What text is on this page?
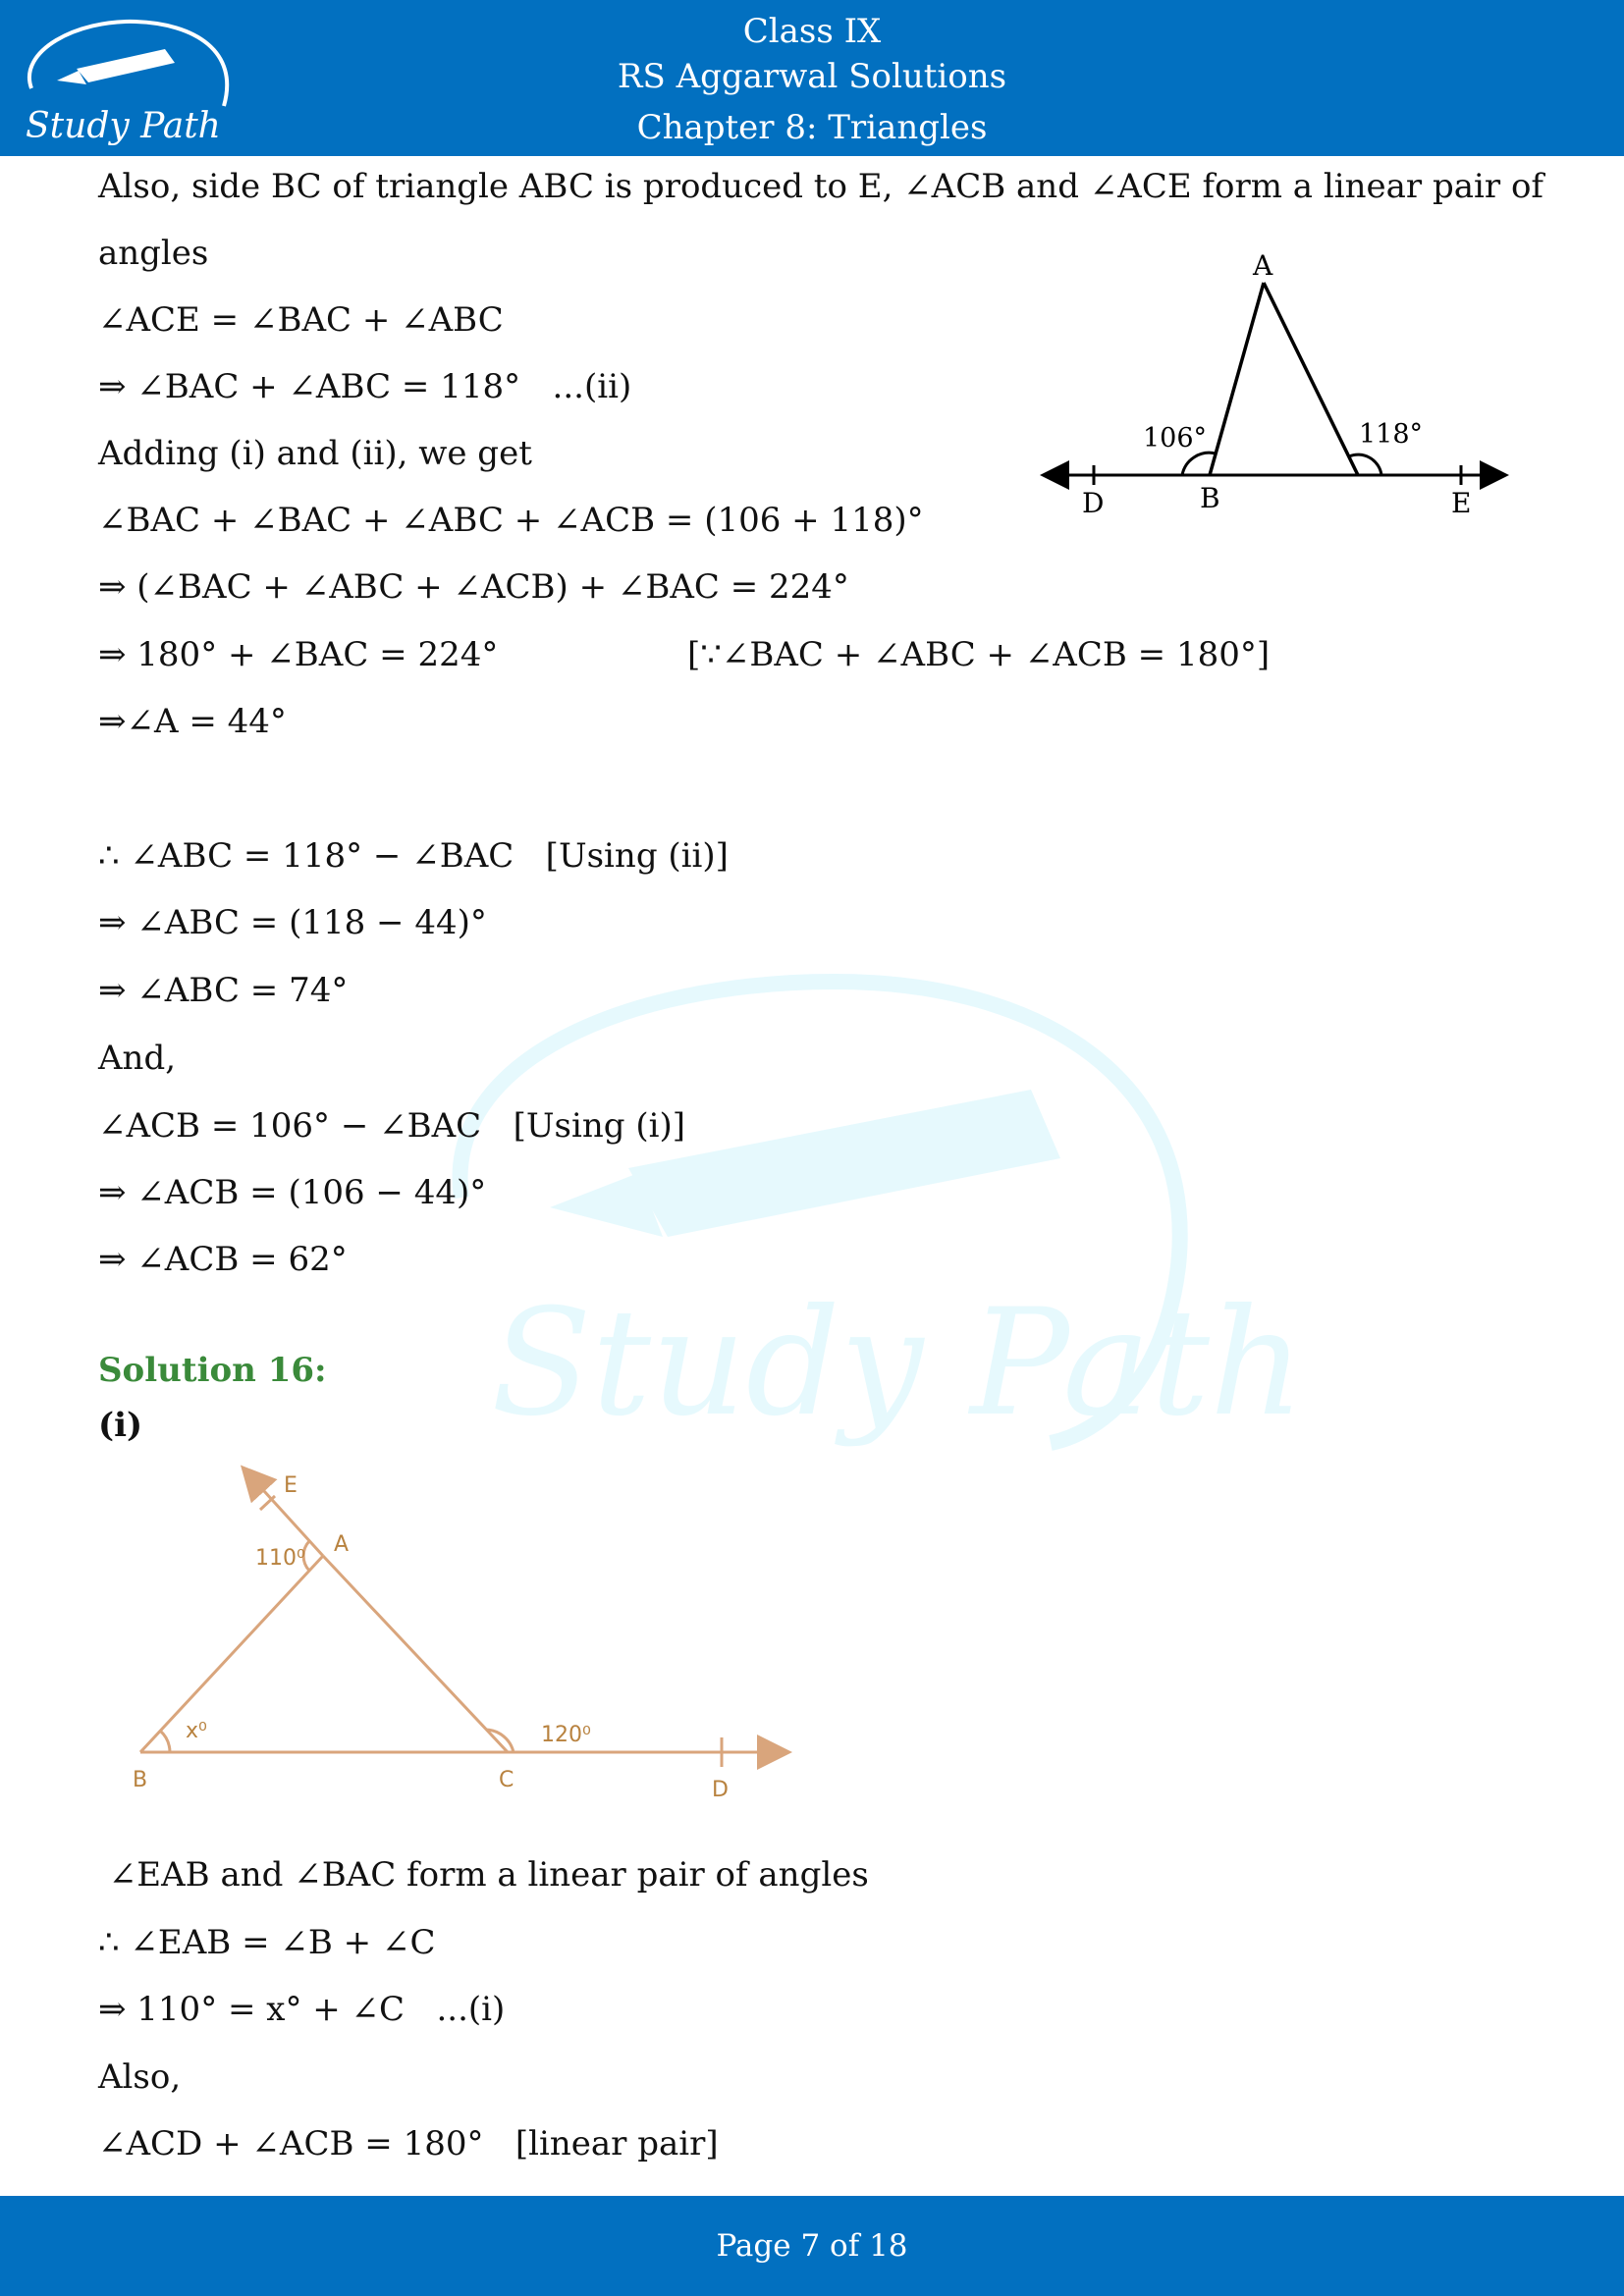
Study Path
Class IX
RS Aggarwal Solutions
Chapter 8: Triangles
Study Path
Also, side BC of triangle ABC is produced to E, ∠ACB and ∠ACE form a linear pair of
angles
∠ACE = ∠BAC + ∠ABC
⇒ ∠BAC + ∠ABC = 118°   ...(ii)
Adding (i) and (ii), we get
∠BAC + ∠BAC + ∠ABC + ∠ACB = (106 + 118)°
⇒ (∠BAC + ∠ABC + ∠ACB) + ∠BAC = 224°
⇒ 180° + ∠BAC = 224°	[∵∠BAC + ∠ABC + ∠ACB = 180°]
⇒∠A = 44°
A
B
D	E
106°	118°
∴ ∠ABC = 118° − ∠BAC   [Using (ii)]
⇒ ∠ABC = (118 − 44)°
⇒ ∠ABC = 74°
And,
∠ACB = 106° − ∠BAC   [Using (i)]
⇒ ∠ACB = (106 − 44)°
⇒ ∠ACB = 62°
Solution 16:
(i)
E
A
110⁰
x⁰	120⁰
B	C	D
∠EAB and ∠BAC form a linear pair of angles
∴ ∠EAB = ∠B + ∠C
⇒ 110° = x° + ∠C   ...(i)
Also,
∠ACD + ∠ACB = 180°   [linear pair]
Page 7 of 18
